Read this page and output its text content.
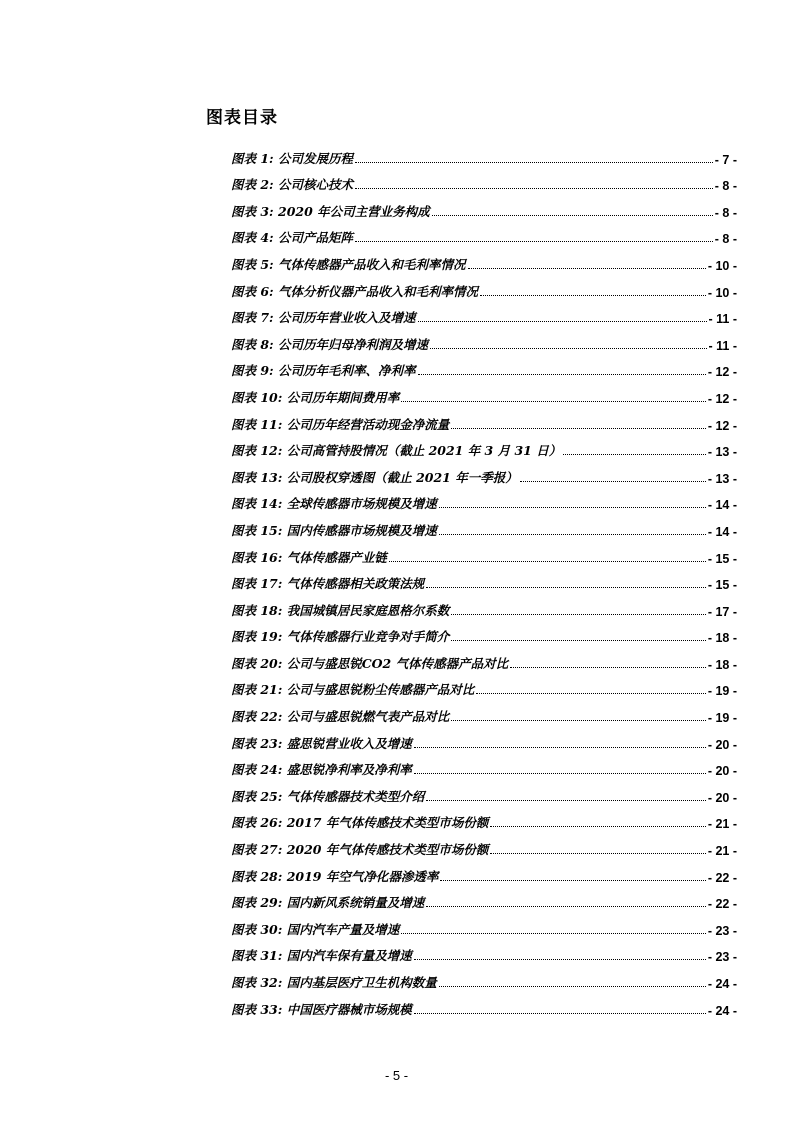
图表目录
图表 1: 公司发展历程	- 7 -
图表 2: 公司核心技术	- 8 -
图表 3: 2020 年公司主营业务构成	- 8 -
图表 4: 公司产品矩阵	- 8 -
图表 5: 气体传感器产品收入和毛利率情况	- 10 -
图表 6: 气体分析仪器产品收入和毛利率情况	- 10 -
图表 7: 公司历年营业收入及增速	- 11 -
图表 8: 公司历年归母净利润及增速	- 11 -
图表 9: 公司历年毛利率、净利率	- 12 -
图表 10: 公司历年期间费用率	- 12 -
图表 11: 公司历年经营活动现金净流量	- 12 -
图表 12: 公司高管持股情况（截止 2021 年 3 月 31 日）	- 13 -
图表 13: 公司股权穿透图（截止 2021 年一季报）	- 13 -
图表 14: 全球传感器市场规模及增速	- 14 -
图表 15: 国内传感器市场规模及增速	- 14 -
图表 16: 气体传感器产业链	- 15 -
图表 17: 气体传感器相关政策法规	- 15 -
图表 18: 我国城镇居民家庭恩格尔系数	- 17 -
图表 19: 气体传感器行业竞争对手简介	- 18 -
图表 20: 公司与盛思锐CO2 气体传感器产品对比	- 18 -
图表 21: 公司与盛思锐粉尘传感器产品对比	- 19 -
图表 22: 公司与盛思锐燃气表产品对比	- 19 -
图表 23: 盛思锐营业收入及增速	- 20 -
图表 24: 盛思锐净利率及净利率	- 20 -
图表 25: 气体传感器技术类型介绍	- 20 -
图表 26: 2017 年气体传感技术类型市场份额	- 21 -
图表 27: 2020 年气体传感技术类型市场份额	- 21 -
图表 28: 2019 年空气净化器渗透率	- 22 -
图表 29: 国内新风系统销量及增速	- 22 -
图表 30: 国内汽车产量及增速	- 23 -
图表 31: 国内汽车保有量及增速	- 23 -
图表 32: 国内基层医疗卫生机构数量	- 24 -
图表 33: 中国医疗器械市场规模	- 24 -
- 5 -
